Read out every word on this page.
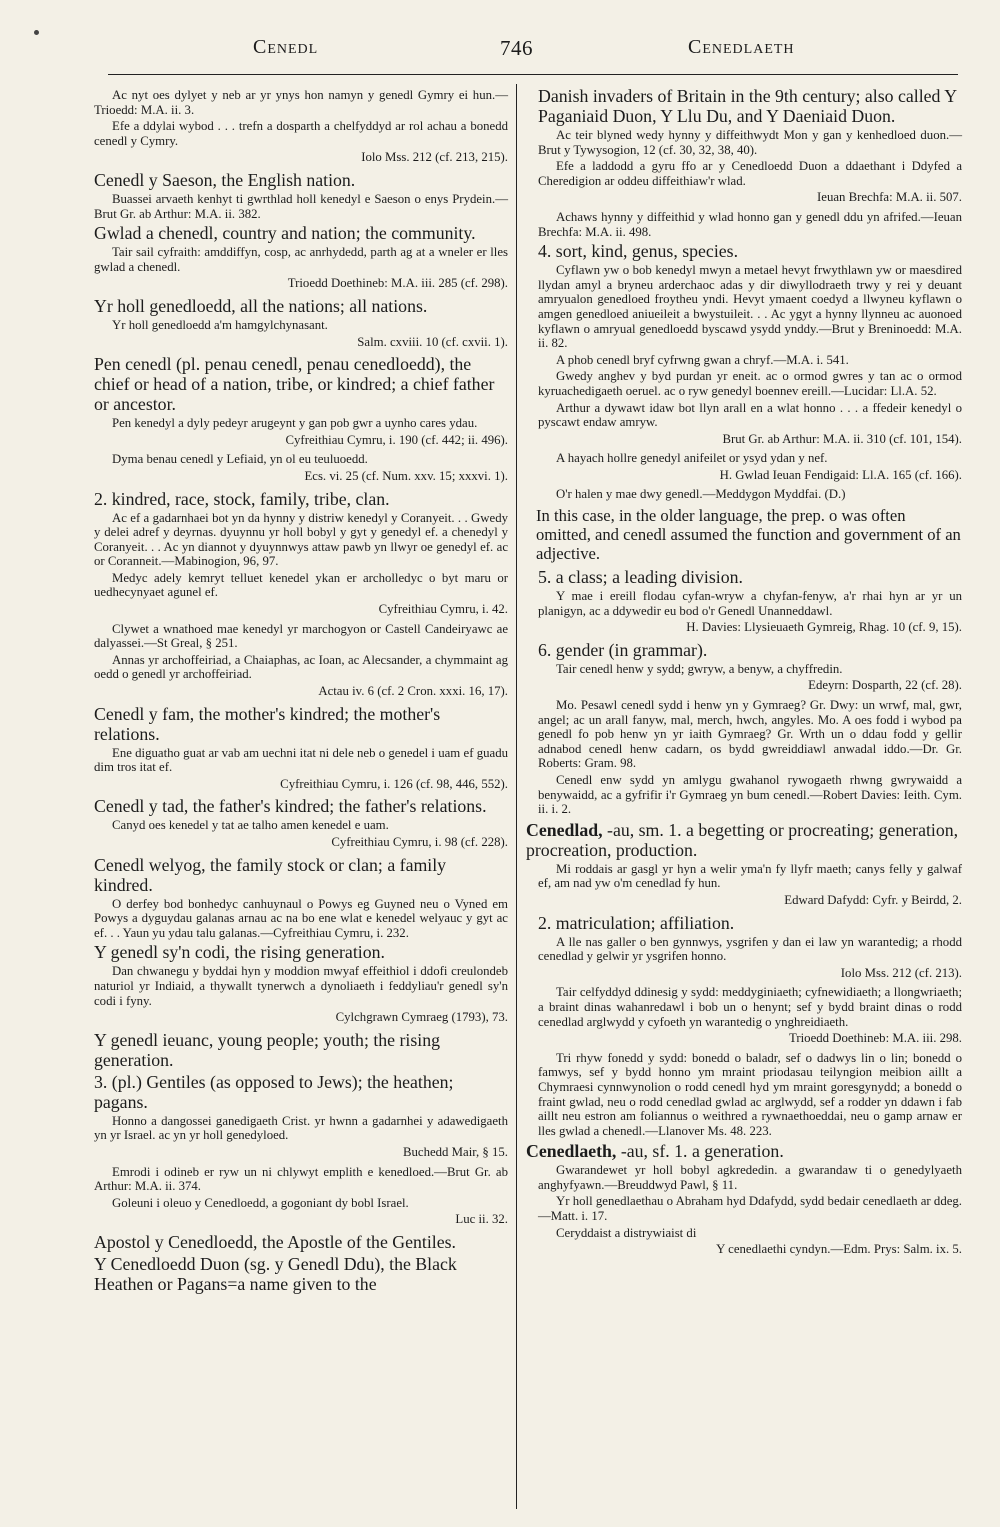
Cenedl	746	Cenedlaeth
Ac nyt oes dylyet y neb ar yr ynys hon namyn y genedl Gymry ei hun.—Trioedd: M.A. ii. 3.
Efe a ddylai wybod . . . trefn a dosparth a chelfyddyd ar rol achau a bonedd cenedl y Cymry.
Iolo Mss. 212 (cf. 213, 215).
Cenedl y Saeson, the English nation.
Buassei arvaeth kenhyt ti gwrthlad holl kenedyl e Saeson o enys Prydein.—Brut Gr. ab Arthur: M.A. ii. 382.
Gwlad a chenedl, country and nation; the community.
Tair sail cyfraith: amddiffyn, cosp, ac anrhydedd, parth ag at a wneler er lles gwlad a chenedl.
Trioedd Doethineb: M.A. iii. 285 (cf. 298).
Yr holl genedloedd, all the nations; all nations.
Yr holl genedloedd a'm hamgylchynasant.
Salm. cxviii. 10 (cf. cxvii. 1).
Pen cenedl (pl. penau cenedl, penau cenedloedd), the chief or head of a nation, tribe, or kindred; a chief father or ancestor.
Pen kenedyl a dyly pedeyr arugeynt y gan pob gwr a uynho cares ydau.
Cyfreithiau Cymru, i. 190 (cf. 442; ii. 496).
Dyma benau cenedl y Lefiaid, yn ol eu teuluoedd.
Ecs. vi. 25 (cf. Num. xxv. 15; xxxvi. 1).
2. kindred, race, stock, family, tribe, clan.
Ac ef a gadarnhaei bot yn da hynny y distriw kenedyl y Coranyeit. . . Gwedy y delei adref y deyrnas. dyuynnu yr holl bobyl y gyt y genedyl ef. a chenedyl y Coranyeit. . . Ac yn diannot y dyuynnwys attaw pawb yn llwyr oe genedyl ef. ac or Coranneit.—Mabinogion, 96, 97.
Medyc adely kemryt telluet kenedel ykan er archolledyc o byt maru or uedhecynyaet agunel ef.
Cyfreithiau Cymru, i. 42.
Clywet a wnathoed mae kenedyl yr marchogyon or Castell Candeiryawc ae dalyassei.—St Greal, § 251.
Annas yr archoffeiriad, a Chaiaphas, ac Ioan, ac Alecsander, a chymmaint ag oedd o genedl yr archoffeiriad.
Actau iv. 6 (cf. 2 Cron. xxxi. 16, 17).
Cenedl y fam, the mother's kindred; the mother's relations.
Ene diguatho guat ar vab am uechni itat ni dele neb o genedel i uam ef guadu dim tros itat ef.
Cyfreithiau Cymru, i. 126 (cf. 98, 446, 552).
Cenedl y tad, the father's kindred; the father's relations.
Canyd oes kenedel y tat ae talho amen kenedel e uam.
Cyfreithiau Cymru, i. 98 (cf. 228).
Cenedl welyog, the family stock or clan; a family kindred.
O derfey bod bonhedyc canhuynaul o Powys eg Guyned neu o Vyned em Powys a dyguydau galanas arnau ac na bo ene wlat e kenedel welyauc y gyt ac ef. . . Yaun yu ydau talu galanas.—Cyfreithiau Cymru, i. 232.
Y genedl sy'n codi, the rising generation.
Dan chwanegu y byddai hyn y moddion mwyaf effeithiol i ddofi creulondeb naturiol yr Indiaid, a thywallt tynerwch a dynoliaeth i feddyliau'r genedl sy'n codi i fyny.
Cylchgrawn Cymraeg (1793), 73.
Y genedl ieuanc, young people; youth; the rising generation.
3. (pl.) Gentiles (as opposed to Jews); the heathen; pagans.
Honno a dangossei ganedigaeth Crist. yr hwnn a gadarnhei y adawedigaeth yn yr Israel. ac yn yr holl genedyloed.
Buchedd Mair, § 15.
Emrodi i odineb er ryw un ni chlywyt emplith e kenedloed.—Brut Gr. ab Arthur: M.A. ii. 374.
Goleuni i oleuo y Cenedloedd, a gogoniant dy bobl Israel.
Luc ii. 32.
Apostol y Cenedloedd, the Apostle of the Gentiles.
Y Cenedloedd Duon (sg. y Genedl Ddu), the Black Heathen or Pagans=a name given to the
Danish invaders of Britain in the 9th century; also called Y Paganiaid Duon, Y Llu Du, and Y Daeniaid Duon.
Ac teir blyned wedy hynny y diffeithwydt Mon y gan y kenhedloed duon.—Brut y Tywysogion, 12 (cf. 30, 32, 38, 40).
Efe a laddodd a gyru ffo ar y Cenedloedd Duon a ddaethant i Ddyfed a Cheredigion ar oddeu diffeithiaw'r wlad.
Ieuan Brechfa: M.A. ii. 507.
Achaws hynny y diffeithid y wlad honno gan y genedl ddu yn afrifed.—Ieuan Brechfa: M.A. ii. 498.
4. sort, kind, genus, species.
Cyflawn yw o bob kenedyl mwyn a metael hevyt frwythlawn yw or maesdired llydan amyl a bryneu arderchaoc adas y dir diwyllodraeth trwy y rei y deuant amryualon genedloed froytheu yndi. Hevyt ymaent coedyd a llwyneu kyflawn o amgen genedloed aniueileit a bwystuileit. . . Ac ygyt a hynny llynneu ac auonoed kyflawn o amryual genedloedd byscawd ysydd ynddy.—Brut y Breninoedd: M.A. ii. 82.
A phob cenedl bryf cyfrwng gwan a chryf.—M.A. i. 541.
Gwedy anghev y byd purdan yr eneit. ac o ormod gwres y tan ac o ormod kyruachedigaeth oeruel. ac o ryw genedyl boennev ereill.—Lucidar: Ll.A. 52.
Arthur a dywawt idaw bot llyn arall en a wlat honno . . . a ffedeir kenedyl o pyscawt endaw amryw.
Brut Gr. ab Arthur: M.A. ii. 310 (cf. 101, 154).
A hayach hollre genedyl anifeilet or ysyd ydan y nef.
H. Gwlad Ieuan Fendigaid: Ll.A. 165 (cf. 166).
O'r halen y mae dwy genedl.—Meddygon Myddfai. (D.)
In this case, in the older language, the prep. o was often omitted, and cenedl assumed the function and government of an adjective.
5. a class; a leading division.
Y mae i ereill flodau cyfan-wryw a chyfan-fenyw, a'r rhai hyn ar yr un planigyn, ac a ddywedir eu bod o'r Genedl Unanneddawl.
H. Davies: Llysieuaeth Gymreig, Rhag. 10 (cf. 9, 15).
6. gender (in grammar).
Tair cenedl henw y sydd; gwryw, a benyw, a chyffredin.
Edeyrn: Dosparth, 22 (cf. 28).
Mo. Pesawl cenedl sydd i henw yn y Gymraeg? Gr. Dwy: un wrwf, mal, gwr, angel; ac un arall fanyw, mal, merch, hwch, angyles. Mo. A oes fodd i wybod pa genedl fo pob henw yn yr iaith Gymraeg? Gr. Wrth un o ddau fodd y gellir adnabod cenedl henw cadarn, os bydd gwreiddiawl anwadal iddo.—Dr. Gr. Roberts: Gram. 98.
Cenedl enw sydd yn amlygu gwahanol rywogaeth rhwng gwrywaidd a benywaidd, ac a gyfrifir i'r Gymraeg yn bum cenedl.—Robert Davies: Ieith. Cym. ii. i. 2.
Cenedlad, -au, sm. 1. a begetting or procreating; generation, procreation, production.
Mi roddais ar gasgl yr hyn a welir yma'n fy llyfr maeth; canys felly y galwaf ef, am nad yw o'm cenedlad fy hun.
Edward Dafydd: Cyfr. y Beirdd, 2.
2. matriculation; affiliation.
A lle nas galler o ben gynnwys, ysgrifen y dan ei law yn warantedig; a rhodd cenedlad y gelwir yr ysgrifen honno.
Iolo Mss. 212 (cf. 213).
Tair celfyddyd ddinesig y sydd: meddyginiaeth; cyfnewidiaeth; a llongwriaeth; a braint dinas wahanredawl i bob un o henynt; sef y bydd braint dinas o rodd cenedlad arglwydd y cyfoeth yn warantedig o ynghreidiaeth.
Trioedd Doethineb: M.A. iii. 298.
Tri rhyw fonedd y sydd: bonedd o baladr, sef o dadwys lin o lin; bonedd o famwys, sef y bydd honno ym mraint priodasau teilyngion meibion aillt a Chymraesi cynnwynolion o rodd cenedl hyd ym mraint goresgynydd; a bonedd o fraint gwlad, neu o rodd cenedlad gwlad ac arglwydd, sef a rodder yn ddawn i fab aillt neu estron am foliannus o weithred a rywnaethoeddai, neu o gamp arnaw er lles gwlad a chenedl.—Llanover Ms. 48. 223.
Cenedlaeth, -au, sf. 1. a generation.
Gwarandewet yr holl bobyl agkrededin. a gwarandaw ti o genedylyaeth anghyfyawn.—Breuddwyd Pawl, § 11.
Yr holl genedlaethau o Abraham hyd Ddafydd, sydd bedair cenedlaeth ar ddeg.—Matt. i. 17.
Ceryddaist a distrywiaist di
Y cenedlaethi cyndyn.—Edm. Prys: Salm. ix. 5.
